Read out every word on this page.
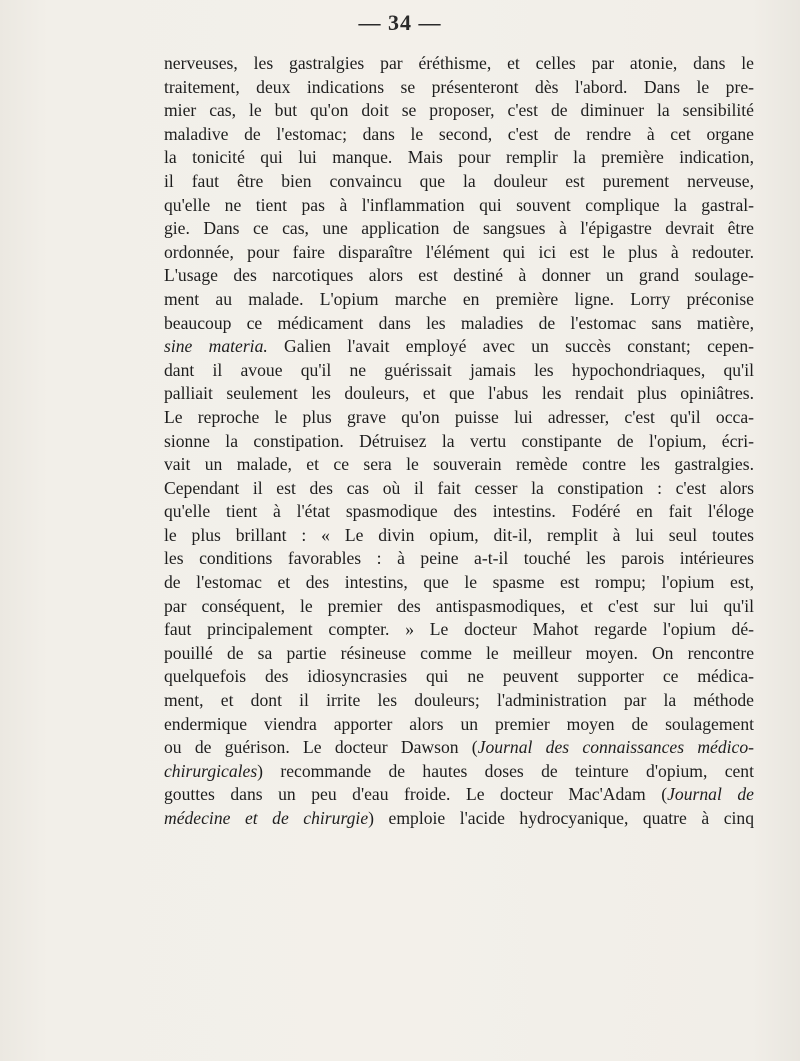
— 34 —
nerveuses, les gastralgies par éréthisme, et celles par atonie, dans le
traitement, deux indications se présenteront dès l'abord. Dans le pre-
mier cas, le but qu'on doit se proposer, c'est de diminuer la sensibilité
maladive de l'estomac; dans le second, c'est de rendre à cet organe
la tonicité qui lui manque. Mais pour remplir la première indication,
il faut être bien convaincu que la douleur est purement nerveuse,
qu'elle ne tient pas à l'inflammation qui souvent complique la gastral-
gie. Dans ce cas, une application de sangsues à l'épigastre devrait être
ordonnée, pour faire disparaître l'élément qui ici est le plus à redouter.
L'usage des narcotiques alors est destiné à donner un grand soulage-
ment au malade. L'opium marche en première ligne. Lorry préconise
beaucoup ce médicament dans les maladies de l'estomac sans matière,
sine materia. Galien l'avait employé avec un succès constant; cepen-
dant il avoue qu'il ne guérissait jamais les hypochondriaques, qu'il
palliait seulement les douleurs, et que l'abus les rendait plus opiniâtres.
Le reproche le plus grave qu'on puisse lui adresser, c'est qu'il occa-
sionne la constipation. Détruisez la vertu constipante de l'opium, écri-
vait un malade, et ce sera le souverain remède contre les gastralgies.
Cependant il est des cas où il fait cesser la constipation : c'est alors
qu'elle tient à l'état spasmodique des intestins. Fodéré en fait l'éloge
le plus brillant : « Le divin opium, dit-il, remplit à lui seul toutes
les conditions favorables : à peine a-t-il touché les parois intérieures
de l'estomac et des intestins, que le spasme est rompu; l'opium est,
par conséquent, le premier des antispasmodiques, et c'est sur lui qu'il
faut principalement compter. » Le docteur Mahot regarde l'opium dé-
pouillé de sa partie résineuse comme le meilleur moyen. On rencontre
quelquefois des idiosyncrasies qui ne peuvent supporter ce médica-
ment, et dont il irrite les douleurs; l'administration par la méthode
endermique viendra apporter alors un premier moyen de soulagement
ou de guérison. Le docteur Dawson (Journal des connaissances médico-
chirurgicales) recommande de hautes doses de teinture d'opium, cent
gouttes dans un peu d'eau froide. Le docteur Mac'Adam (Journal de
médecine et de chirurgie) emploie l'acide hydrocyanique, quatre à cinq
